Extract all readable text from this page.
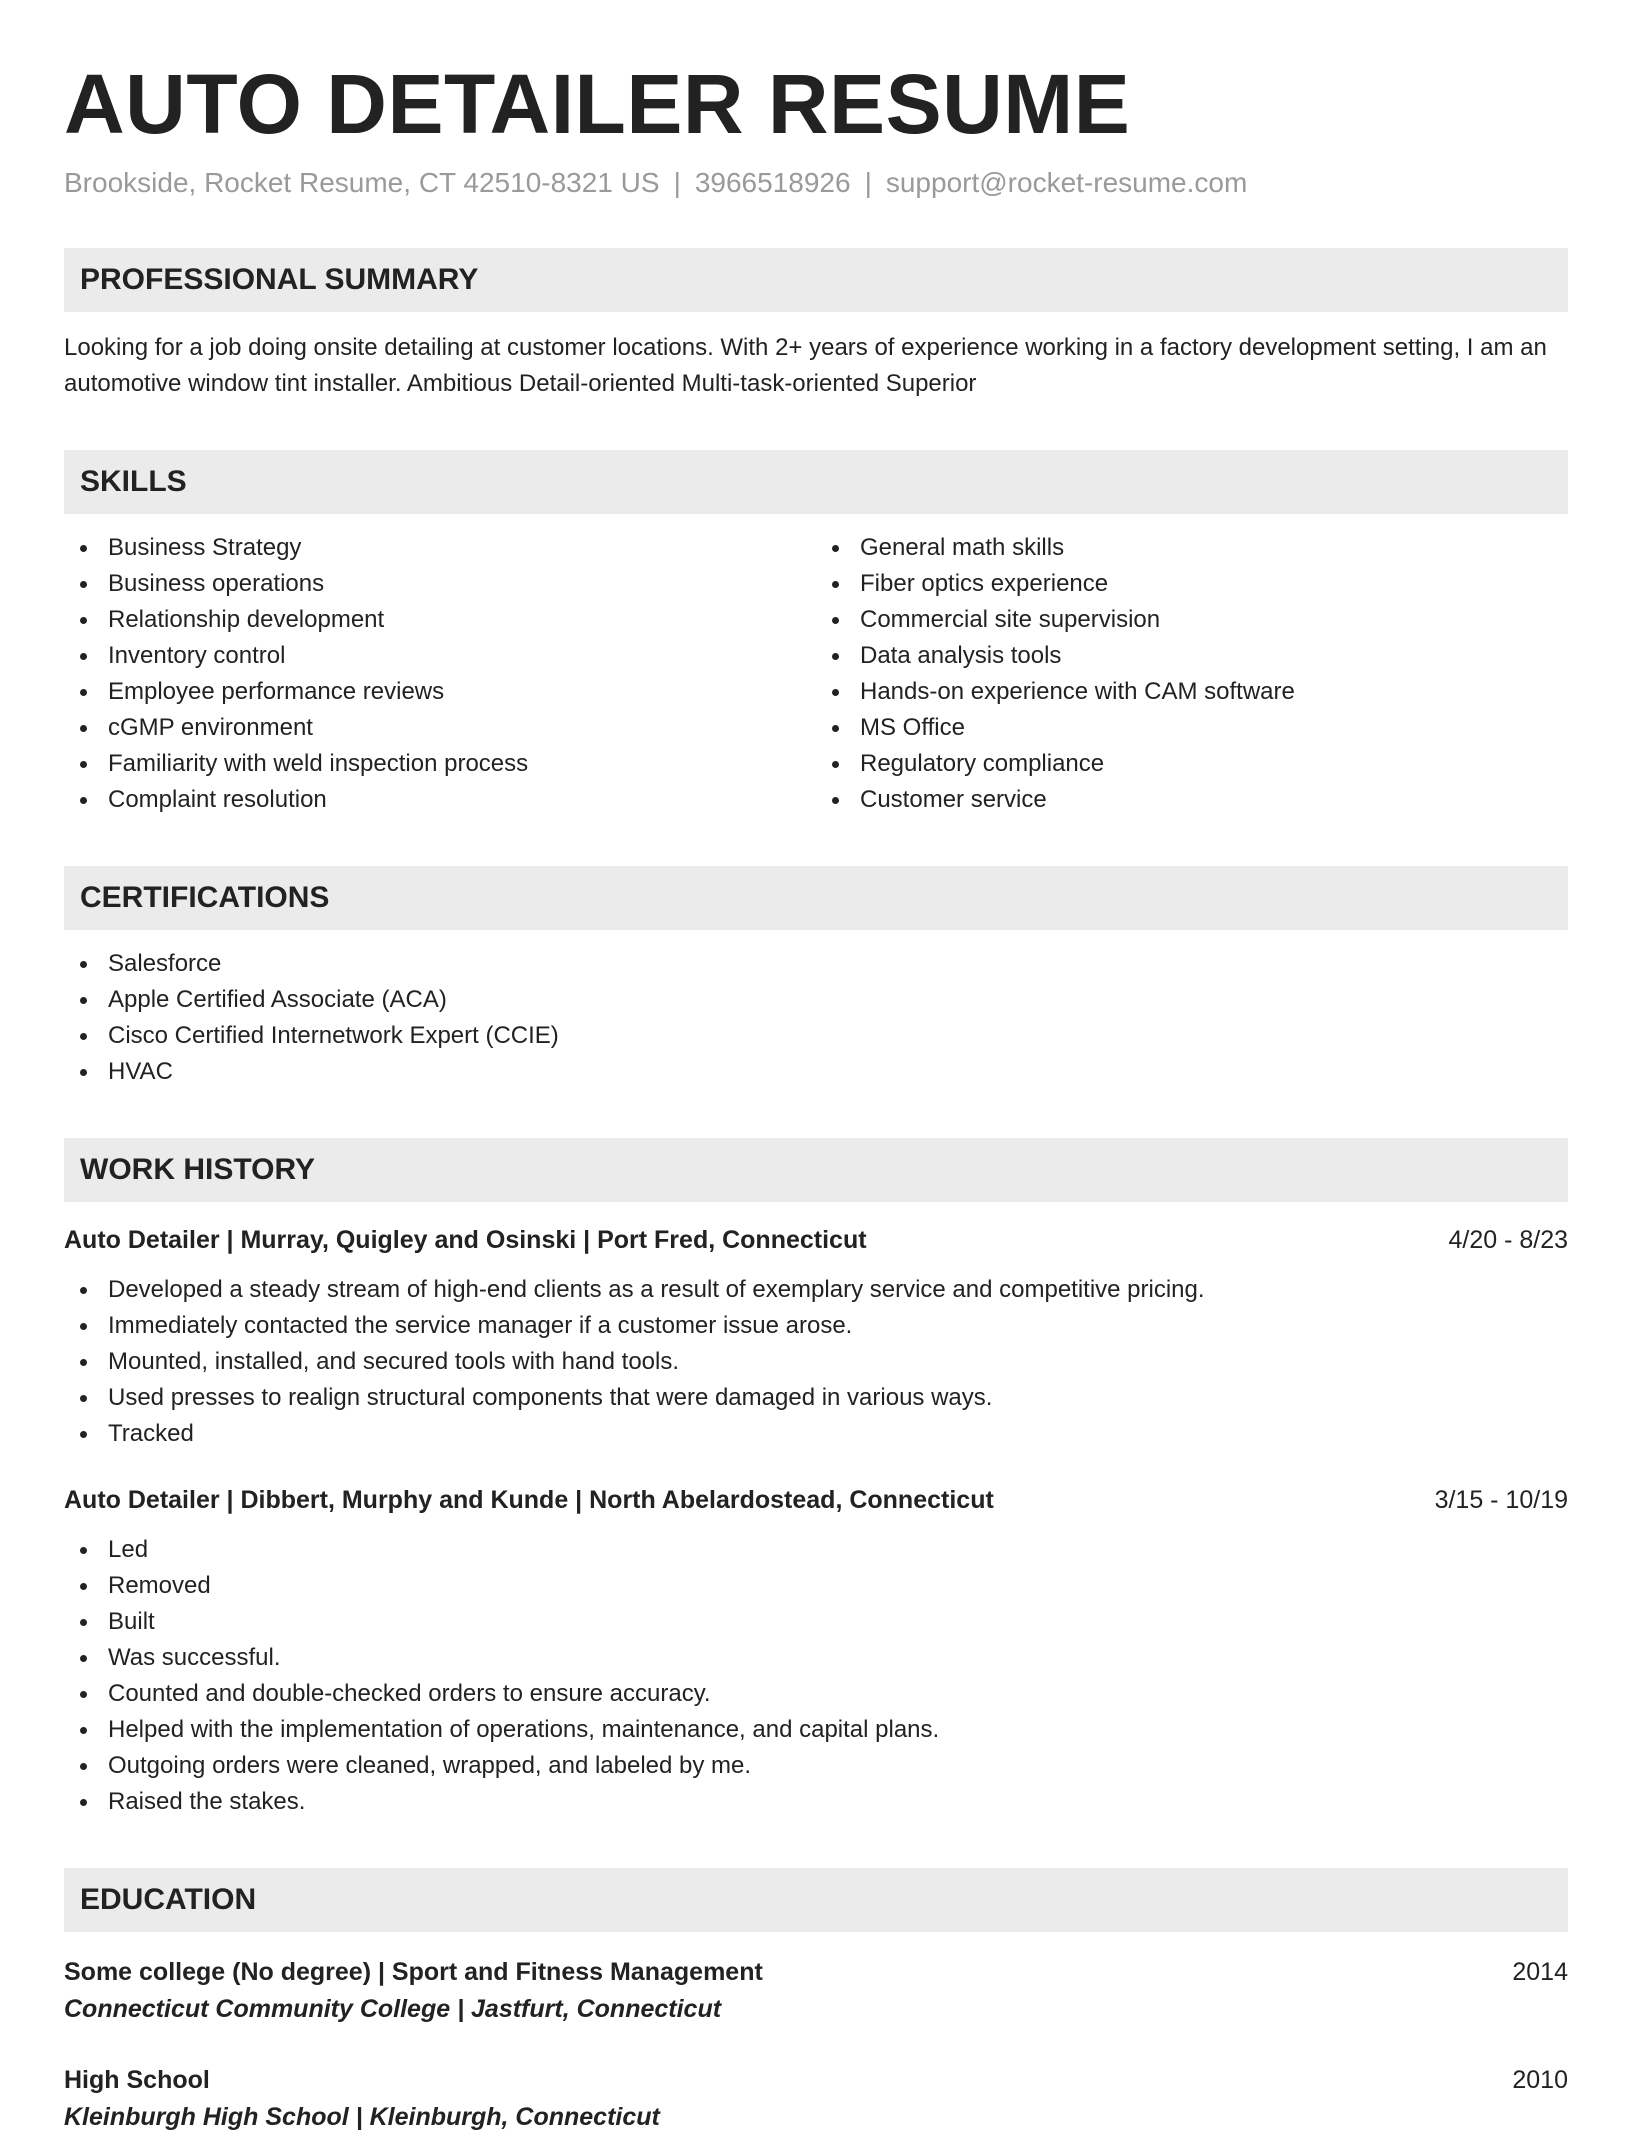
AUTO DETAILER RESUME
Brookside, Rocket Resume, CT 42510-8321 US | 3966518926 | support@rocket-resume.com
PROFESSIONAL SUMMARY

Looking for a job doing onsite detailing at customer locations. With 2+ years of experience working in a factory development setting, I am an automotive window tint installer. Ambitious Detail-oriented Multi-task-oriented Superior

SKILLS
Business Strategy
Business operations
Relationship development
Inventory control
Employee performance reviews
cGMP environment
Familiarity with weld inspection process
Complaint resolution
General math skills
Fiber optics experience
Commercial site supervision
Data analysis tools
Hands-on experience with CAM software
MS Office
Regulatory compliance
Customer service
CERTIFICATIONS
Salesforce
Apple Certified Associate (ACA)
Cisco Certified Internetwork Expert (CCIE)
HVAC
WORK HISTORY
Auto Detailer | Murray, Quigley and Osinski | Port Fred, Connecticut	4/20 - 8/23
Developed a steady stream of high-end clients as a result of exemplary service and competitive pricing.
Immediately contacted the service manager if a customer issue arose.
Mounted, installed, and secured tools with hand tools.
Used presses to realign structural components that were damaged in various ways.
Tracked
Auto Detailer | Dibbert, Murphy and Kunde | North Abelardostead, Connecticut	3/15 - 10/19
Led
Removed
Built
Was successful.
Counted and double-checked orders to ensure accuracy.
Helped with the implementation of operations, maintenance, and capital plans.
Outgoing orders were cleaned, wrapped, and labeled by me.
Raised the stakes.
EDUCATION
Some college (No degree) | Sport and Fitness Management	2014
Connecticut Community College | Jastfurt, Connecticut
High School	2010
Kleinburgh High School | Kleinburgh, Connecticut
